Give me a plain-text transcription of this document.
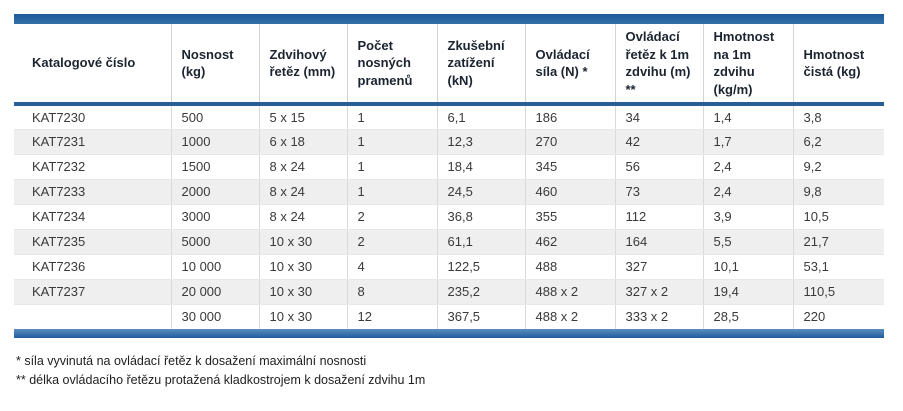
Katalogové číslo	Nosnost (kg)	Zdvihový řetěz (mm)	Počet nosných pramenů	Zkušební zatížení (kN)	Ovládací síla (N) *	Ovládací řetěz k 1m zdvihu (m) **	Hmotnost na 1m zdvihu (kg/m)	Hmotnost čistá (kg)
KAT7230	500	5 x 15	1	6,1	186	34	1,4	3,8
KAT7231	1000	6 x 18	1	12,3	270	42	1,7	6,2
KAT7232	1500	8 x 24	1	18,4	345	56	2,4	9,2
KAT7233	2000	8 x 24	1	24,5	460	73	2,4	9,8
KAT7234	3000	8 x 24	2	36,8	355	112	3,9	10,5
KAT7235	5000	10 x 30	2	61,1	462	164	5,5	21,7
KAT7236	10 000	10 x 30	4	122,5	488	327	10,1	53,1
KAT7237	20 000	10 x 30	8	235,2	488 x 2	327 x 2	19,4	110,5
	30 000	10 x 30	12	367,5	488 x 2	333 x 2	28,5	220
* síla vyvinutá na ovládací řetěz k dosažení maximální nosnosti
** délka ovládacího řetězu protažená kladkostrojem k dosažení zdvihu 1m
